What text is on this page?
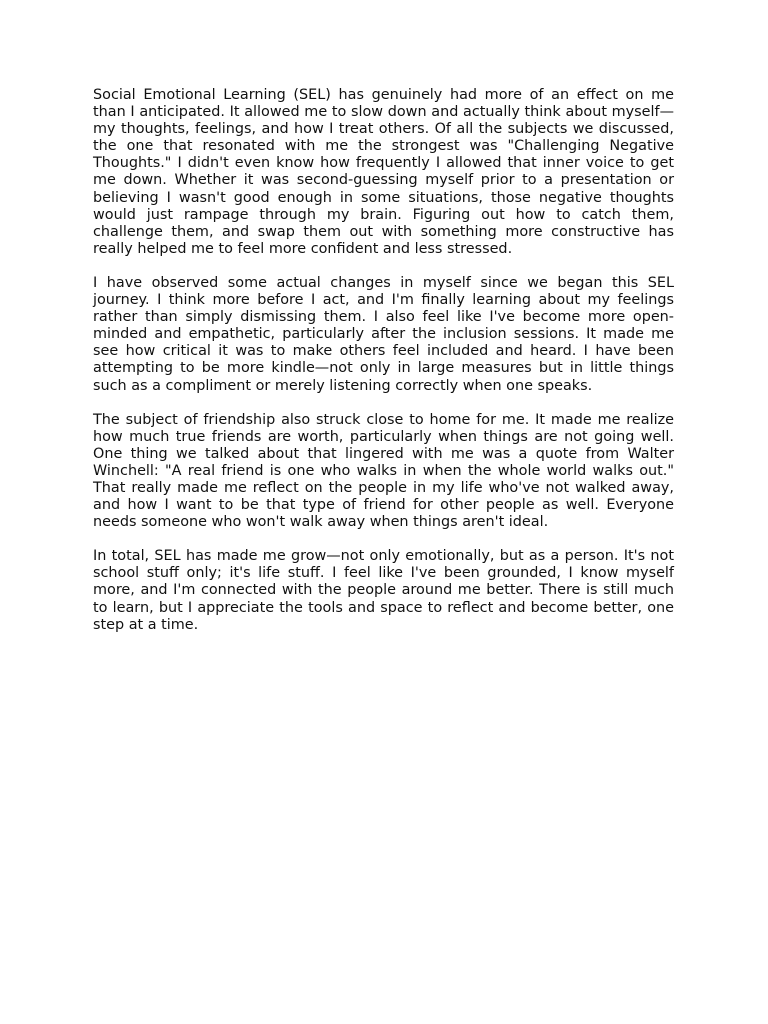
Social Emotional Learning (SEL) has genuinely had more of an effect on me than I anticipated. It allowed me to slow down and actually think about myself—my thoughts, feelings, and how I treat others. Of all the subjects we discussed, the one that resonated with me the strongest was "Challenging Negative Thoughts." I didn't even know how frequently I allowed that inner voice to get me down. Whether it was second-guessing myself prior to a presentation or believing I wasn't good enough in some situations, those negative thoughts would just rampage through my brain. Figuring out how to catch them, challenge them, and swap them out with something more constructive has really helped me to feel more confident and less stressed.

I have observed some actual changes in myself since we began this SEL journey. I think more before I act, and I'm finally learning about my feelings rather than simply dismissing them. I also feel like I've become more open-minded and empathetic, particularly after the inclusion sessions. It made me see how critical it was to make others feel included and heard. I have been attempting to be more kindle—not only in large measures but in little things such as a compliment or merely listening correctly when one speaks.

The subject of friendship also struck close to home for me. It made me realize how much true friends are worth, particularly when things are not going well. One thing we talked about that lingered with me was a quote from Walter Winchell: "A real friend is one who walks in when the whole world walks out." That really made me reflect on the people in my life who've not walked away, and how I want to be that type of friend for other people as well. Everyone needs someone who won't walk away when things aren't ideal.

In total, SEL has made me grow—not only emotionally, but as a person. It's not school stuff only; it's life stuff. I feel like I've been grounded, I know myself more, and I'm connected with the people around me better. There is still much to learn, but I appreciate the tools and space to reflect and become better, one step at a time.
